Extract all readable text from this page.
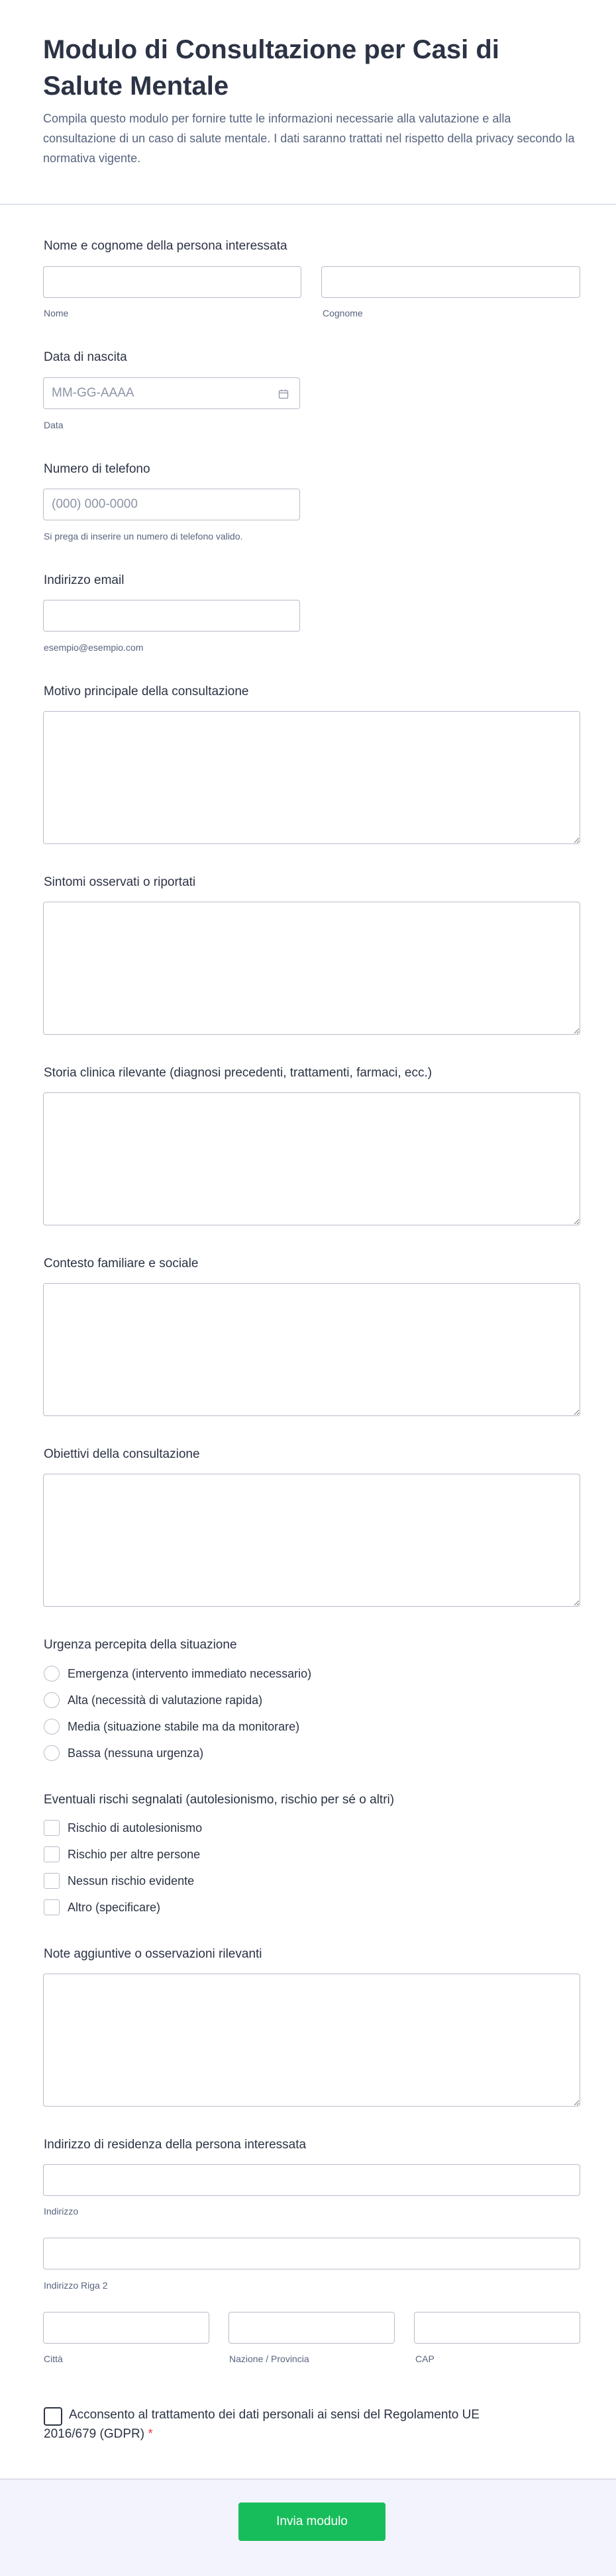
Modulo di Consultazione per Casi di Salute Mentale

Compila questo modulo per fornire tutte le informazioni necessarie alla valutazione e alla consultazione di un caso di salute mentale. I dati saranno trattati nel rispetto della privacy secondo la normativa vigente.

Nome e cognome della persona interessata
Nome	Cognome
Data di nascita
MM-GG-AAAA
Data
Numero di telefono
(000) 000-0000
Si prega di inserire un numero di telefono valido.
Indirizzo email
esempio@esempio.com
Motivo principale della consultazione
Sintomi osservati o riportati
Storia clinica rilevante (diagnosi precedenti, trattamenti, farmaci, ecc.)
Contesto familiare e sociale
Obiettivi della consultazione
Urgenza percepita della situazione
Emergenza (intervento immediato necessario)
Alta (necessità di valutazione rapida)
Media (situazione stabile ma da monitorare)
Bassa (nessuna urgenza)
Eventuali rischi segnalati (autolesionismo, rischio per sé o altri)
Rischio di autolesionismo
Rischio per altre persone
Nessun rischio evidente
Altro (specificare)
Note aggiuntive o osservazioni rilevanti
Indirizzo di residenza della persona interessata
Indirizzo
Indirizzo Riga 2
Città	Nazione / Provincia	CAP

Acconsento al trattamento dei dati personali ai sensi del Regolamento UE 2016/679 (GDPR) *

Invia modulo
